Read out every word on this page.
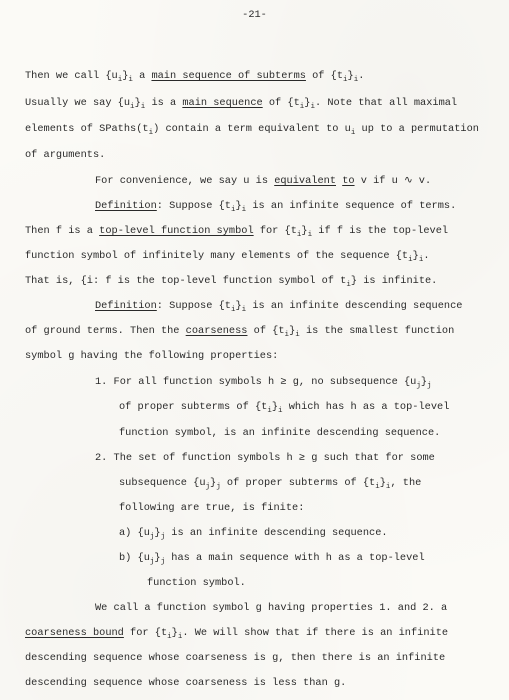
-21-
Then we call $\{u_i\}_i$ a main sequence of subterms of $\{t_i\}_i$.
Usually we say $\{u_i\}_i$ is a main sequence of $\{t_i\}_i$. Note that all maximal
elements of $SPaths(t_i)$ contain a term equivalent to $u_i$ up to a permutation
of arguments.
For convenience, we say u is equivalent to v if u ∿ v.
Definition: Suppose $\{t_i\}_i$ is an infinite sequence of terms.
Then f is a top-level function symbol for $\{t_i\}_i$ if f is the top-level
function symbol of infinitely many elements of the sequence $\{t_i\}_i$.
That is, {i: f is the top-level function symbol of $t_i$} is infinite.
Definition: Suppose $\{t_i\}_i$ is an infinite descending sequence
of ground terms. Then the coarseness of $\{t_i\}_i$ is the smallest function
symbol g having the following properties:
1. For all function symbols h ≥ g, no subsequence $\{u_j\}_j$
of proper subterms of $\{t_i\}_i$ which has h as a top-level
function symbol, is an infinite descending sequence.
2. The set of function symbols h ≥ g such that for some
subsequence $\{u_j\}_j$ of proper subterms of $\{t_i\}_i$, the
following are true, is finite:
a) $\{u_j\}_j$ is an infinite descending sequence.
b) $\{u_j\}_j$ has a main sequence with h as a top-level
function symbol.
We call a function symbol g having properties 1. and 2. a
coarseness bound for $\{t_i\}_i$. We will show that if there is an infinite
descending sequence whose coarseness is g, then there is an infinite
descending sequence whose coarseness is less than g.
